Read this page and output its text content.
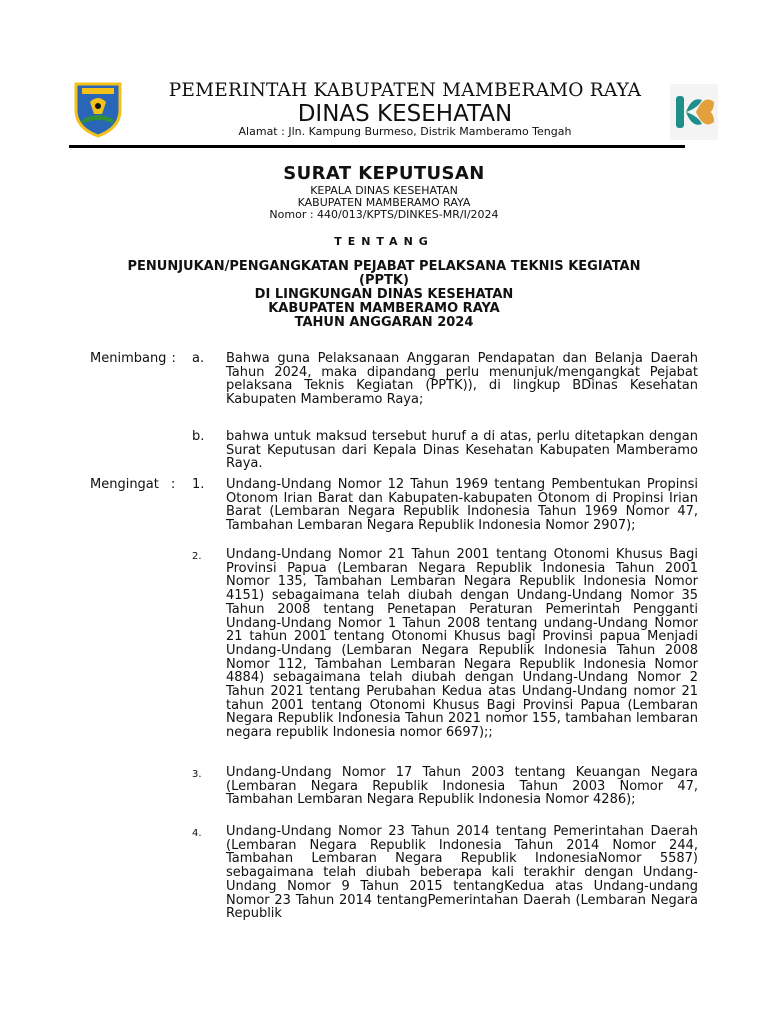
PEMERINTAH KABUPATEN MAMBERAMO RAYA
DINAS KESEHATAN
Alamat : Jln. Kampung Burmeso, Distrik Mamberamo Tengah
SURAT KEPUTUSAN
KEPALA DINAS KESEHATAN
KABUPATEN MAMBERAMO RAYA
Nomor : 440/013/KPTS/DINKES-MR/I/2024
TENTANG
PENUNJUKAN/PENGANGKATAN PEJABAT PELAKSANA TEKNIS KEGIATAN
(PPTK)
DI LINGKUNGAN DINAS KESEHATAN
KABUPATEN MAMBERAMO RAYA
TAHUN ANGGARAN 2024
Menimbang : a. Bahwa guna Pelaksanaan Anggaran Pendapatan dan Belanja Daerah Tahun 2024, maka dipandang perlu menunjuk/mengangkat Pejabat pelaksana Teknis Kegiatan (PPTK)), di lingkup BDinas Kesehatan Kabupaten Mamberamo Raya;
b. bahwa untuk maksud tersebut huruf a di atas, perlu ditetapkan dengan Surat Keputusan dari Kepala Dinas Kesehatan Kabupaten Mamberamo Raya.
Mengingat : 1. Undang-Undang Nomor 12 Tahun 1969 tentang Pembentukan Propinsi Otonom Irian Barat dan Kabupaten-kabupaten Otonom di Propinsi Irian Barat (Lembaran Negara Republik Indonesia Tahun 1969 Nomor 47, Tambahan Lembaran Negara Republik Indonesia Nomor 2907);
2. Undang-Undang Nomor 21 Tahun 2001 tentang Otonomi Khusus Bagi Provinsi Papua (Lembaran Negara Republik Indonesia Tahun 2001 Nomor 135, Tambahan Lembaran Negara Republik Indonesia Nomor 4151) sebagaimana telah diubah dengan Undang-Undang Nomor 35 Tahun 2008 tentang Penetapan Peraturan Pemerintah Pengganti Undang-Undang Nomor 1 Tahun 2008 tentang undang-Undang Nomor 21 tahun 2001 tentang Otonomi Khusus bagi Provinsi papua Menjadi Undang-Undang (Lembaran Negara Republik Indonesia Tahun 2008 Nomor 112, Tambahan Lembaran Negara Republik Indonesia Nomor 4884) sebagaimana telah diubah dengan Undang-Undang Nomor 2 Tahun 2021 tentang Perubahan Kedua atas Undang-Undang nomor 21 tahun 2001 tentang Otonomi Khusus Bagi Provinsi Papua (Lembaran Negara Republik Indonesia Tahun 2021 nomor 155, tambahan lembaran negara republik Indonesia nomor 6697);;
3. Undang-Undang Nomor 17 Tahun 2003 tentang Keuangan Negara (Lembaran Negara Republik Indonesia Tahun 2003 Nomor 47, Tambahan Lembaran Negara Republik Indonesia Nomor 4286);
4. Undang-Undang Nomor 23 Tahun 2014 tentang Pemerintahan Daerah (Lembaran Negara Republik Indonesia Tahun 2014 Nomor 244, Tambahan Lembaran Negara Republik IndonesiaNomor 5587) sebagaimana telah diubah beberapa kali terakhir dengan Undang-Undang Nomor 9 Tahun 2015 tentangKedua atas Undang-undang Nomor 23 Tahun 2014 tentangPemerintahan Daerah (Lembaran Negara Republik
